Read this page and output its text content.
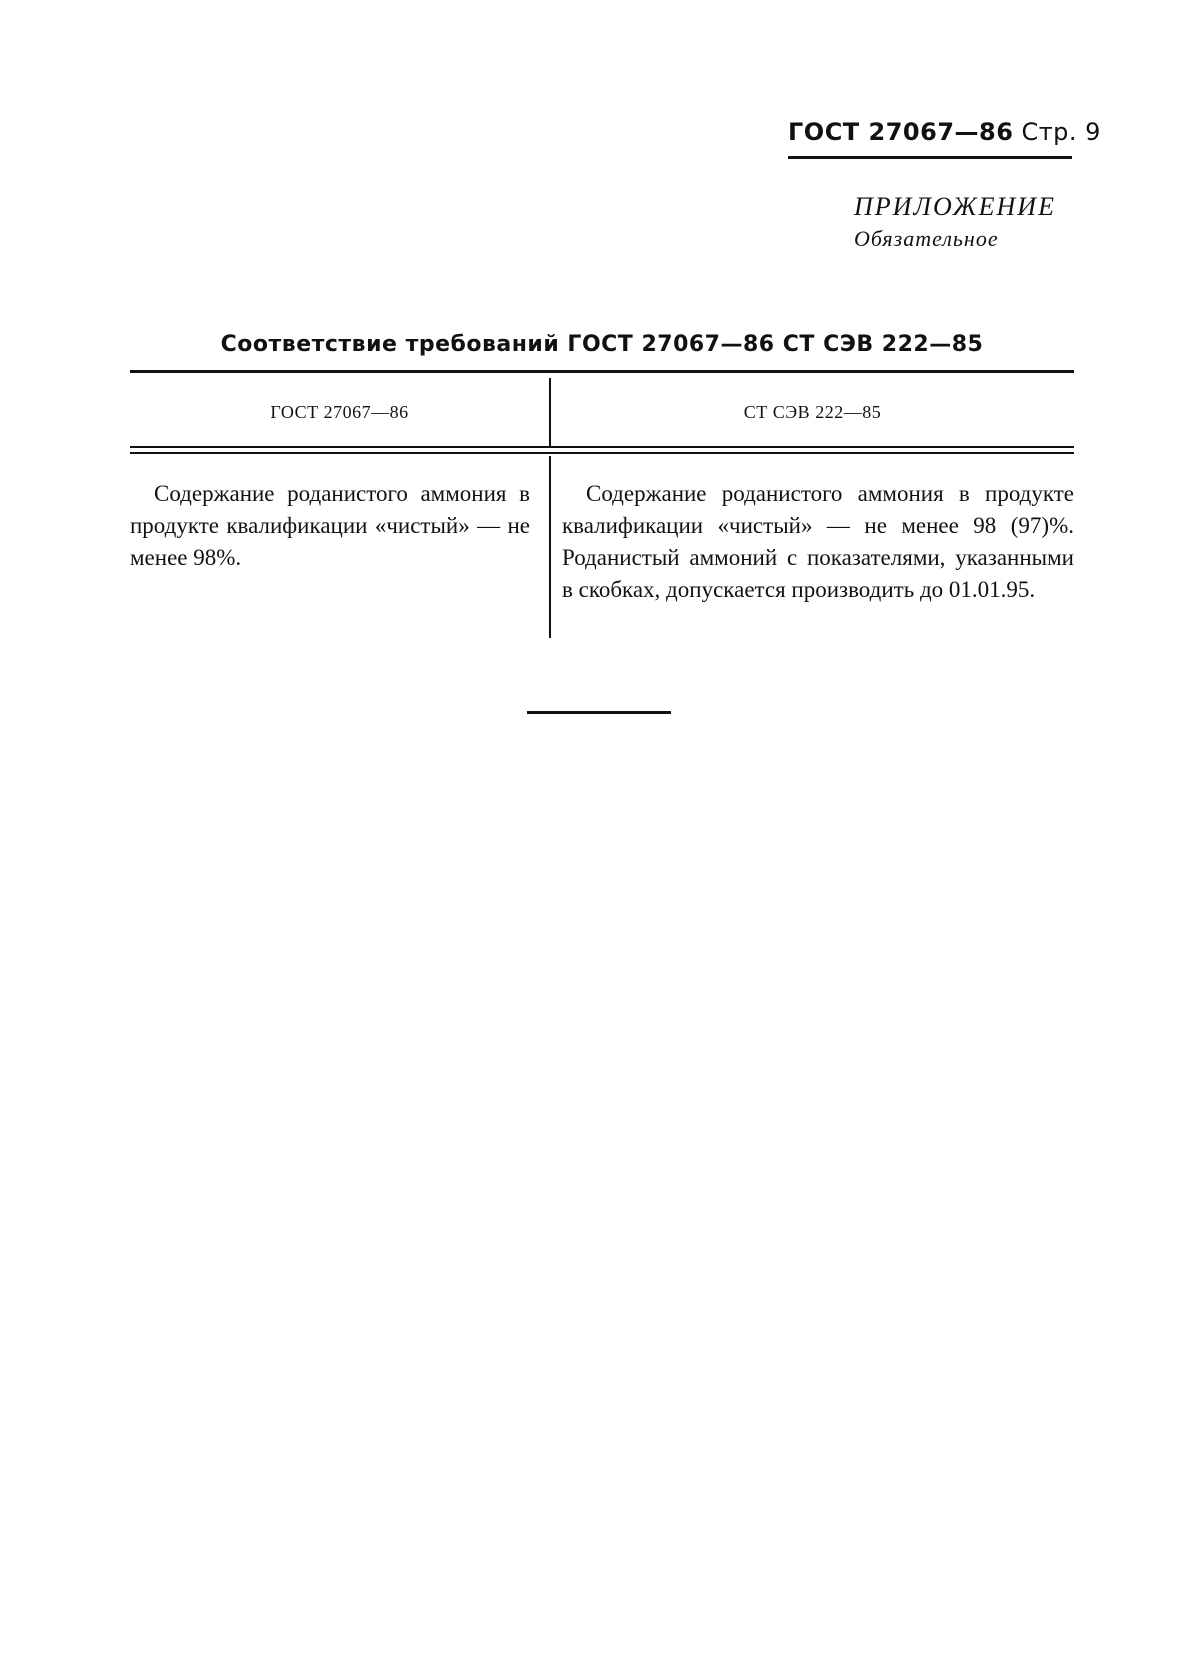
ГОСТ 27067—86 Стр. 9
ПРИЛОЖЕНИЕ
Обязательное
Соответствие требований ГОСТ 27067—86 СТ СЭВ 222—85
ГОСТ 27067—86	СТ СЭВ 222—85

Содержание роданистого аммония в продукте квалификации «чистый» — не менее 98%.

Содержание роданистого аммония в продукте квалификации «чистый» — не менее 98 (97)%. Роданистый аммоний с показателями, указанными в скобках, допускается производить до 01.01.95.
